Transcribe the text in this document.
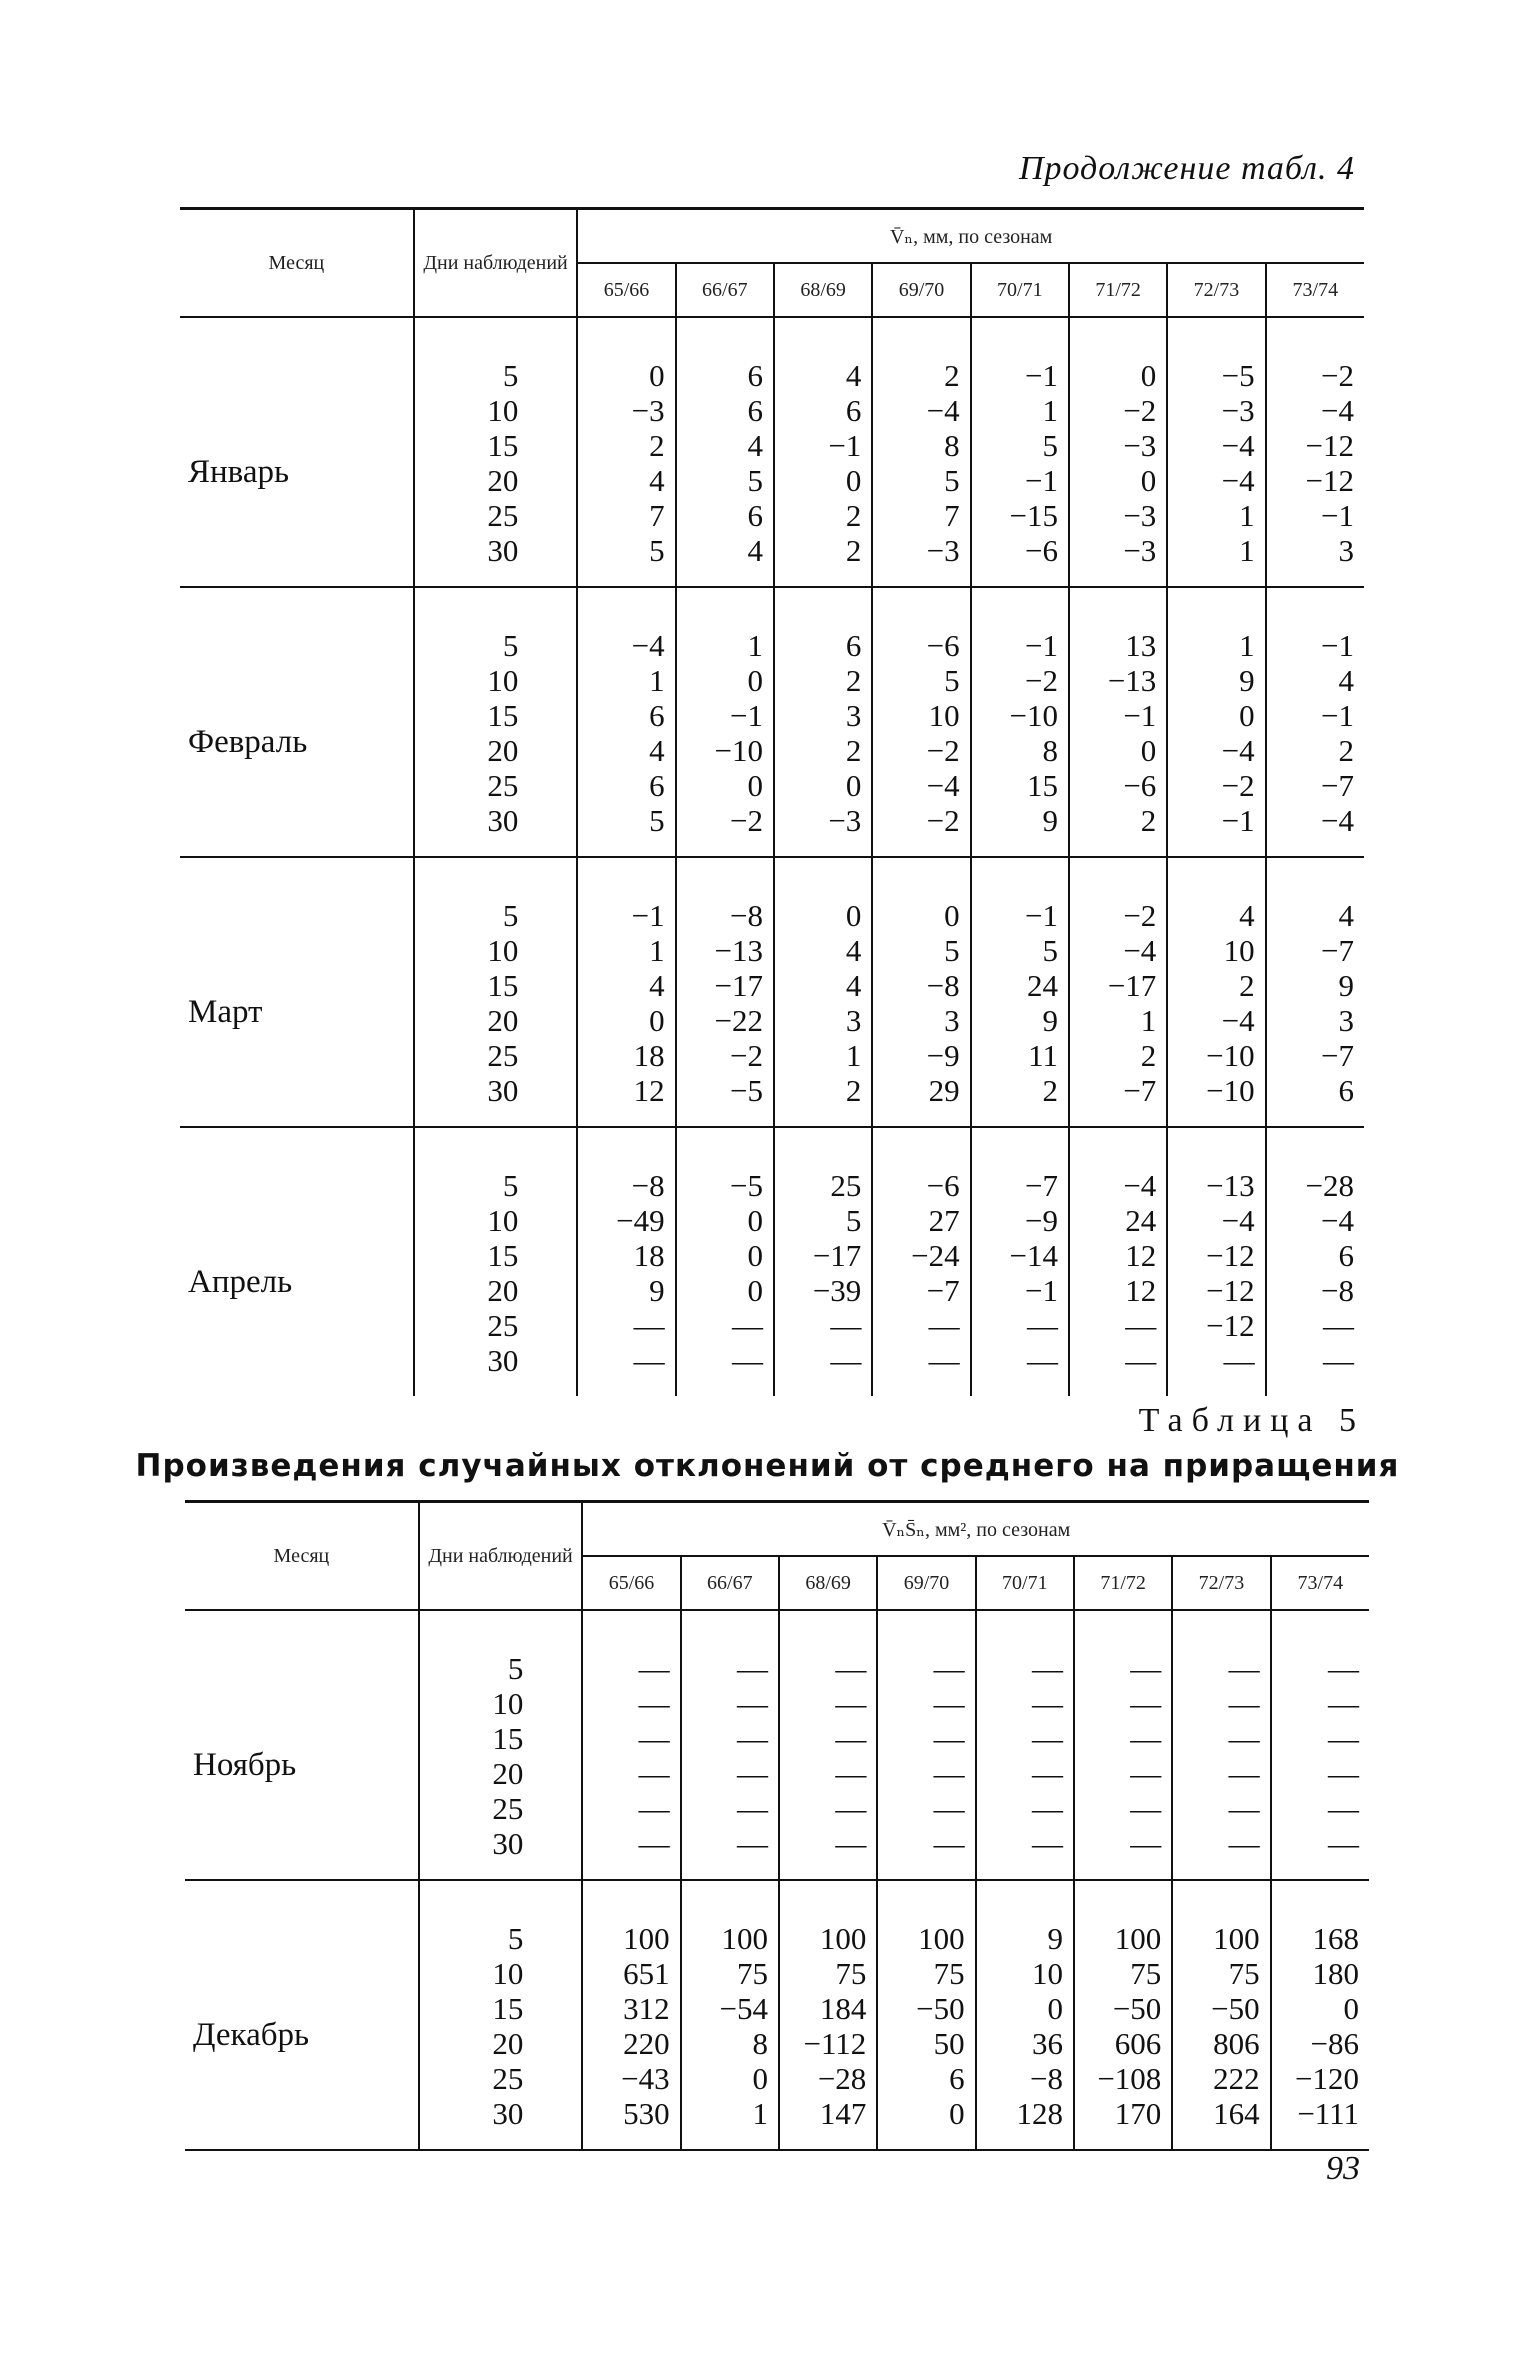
Продолжение табл. 4
Месяц	Дни наблюдений	V̄ₙ, мм, по сезонам							
		65/66	66/67	68/69	69/70	70/71	71/72	72/73	73/74
Январь	5	0	6	4	2	−1	0	−5	−2
	10	−3	6	6	−4	1	−2	−3	−4
	15	2	4	−1	8	5	−3	−4	−12
	20	4	5	0	5	−1	0	−4	−12
	25	7	6	2	7	−15	−3	1	−1
	30	5	4	2	−3	−6	−3	1	3
Февраль	5	−4	1	6	−6	−1	13	1	−1
	10	1	0	2	5	−2	−13	9	4
	15	6	−1	3	10	−10	−1	0	−1
	20	4	−10	2	−2	8	0	−4	2
	25	6	0	0	−4	15	−6	−2	−7
	30	5	−2	−3	−2	9	2	−1	−4
Март	5	−1	−8	0	0	−1	−2	4	4
	10	1	−13	4	5	5	−4	10	−7
	15	4	−17	4	−8	24	−17	2	9
	20	0	−22	3	3	9	1	−4	3
	25	18	−2	1	−9	11	2	−10	−7
	30	12	−5	2	29	2	−7	−10	6
Апрель	5	−8	−5	25	−6	−7	−4	−13	−28
	10	−49	0	5	27	−9	24	−4	−4
	15	18	0	−17	−24	−14	12	−12	6
	20	9	0	−39	−7	−1	12	−12	−8
	25	—	—	—	—	—	—	−12	—
	30	—	—	—	—	—	—	—	—
Таблица 5
Произведения случайных отклонений от среднего на приращения
Месяц	Дни наблюдений	V̄ₙS̄ₙ, мм², по сезонам							
		65/66	66/67	68/69	69/70	70/71	71/72	72/73	73/74
Ноябрь	5	—	—	—	—	—	—	—	—
	10	—	—	—	—	—	—	—	—
	15	—	—	—	—	—	—	—	—
	20	—	—	—	—	—	—	—	—
	25	—	—	—	—	—	—	—	—
	30	—	—	—	—	—	—	—	—
Декабрь	5	100	100	100	100	9	100	100	168
	10	651	75	75	75	10	75	75	180
	15	312	−54	184	−50	0	−50	−50	0
	20	220	8	−112	50	36	606	806	−86
	25	−43	0	−28	6	−8	−108	222	−120
	30	530	1	147	0	128	170	164	−111
93
